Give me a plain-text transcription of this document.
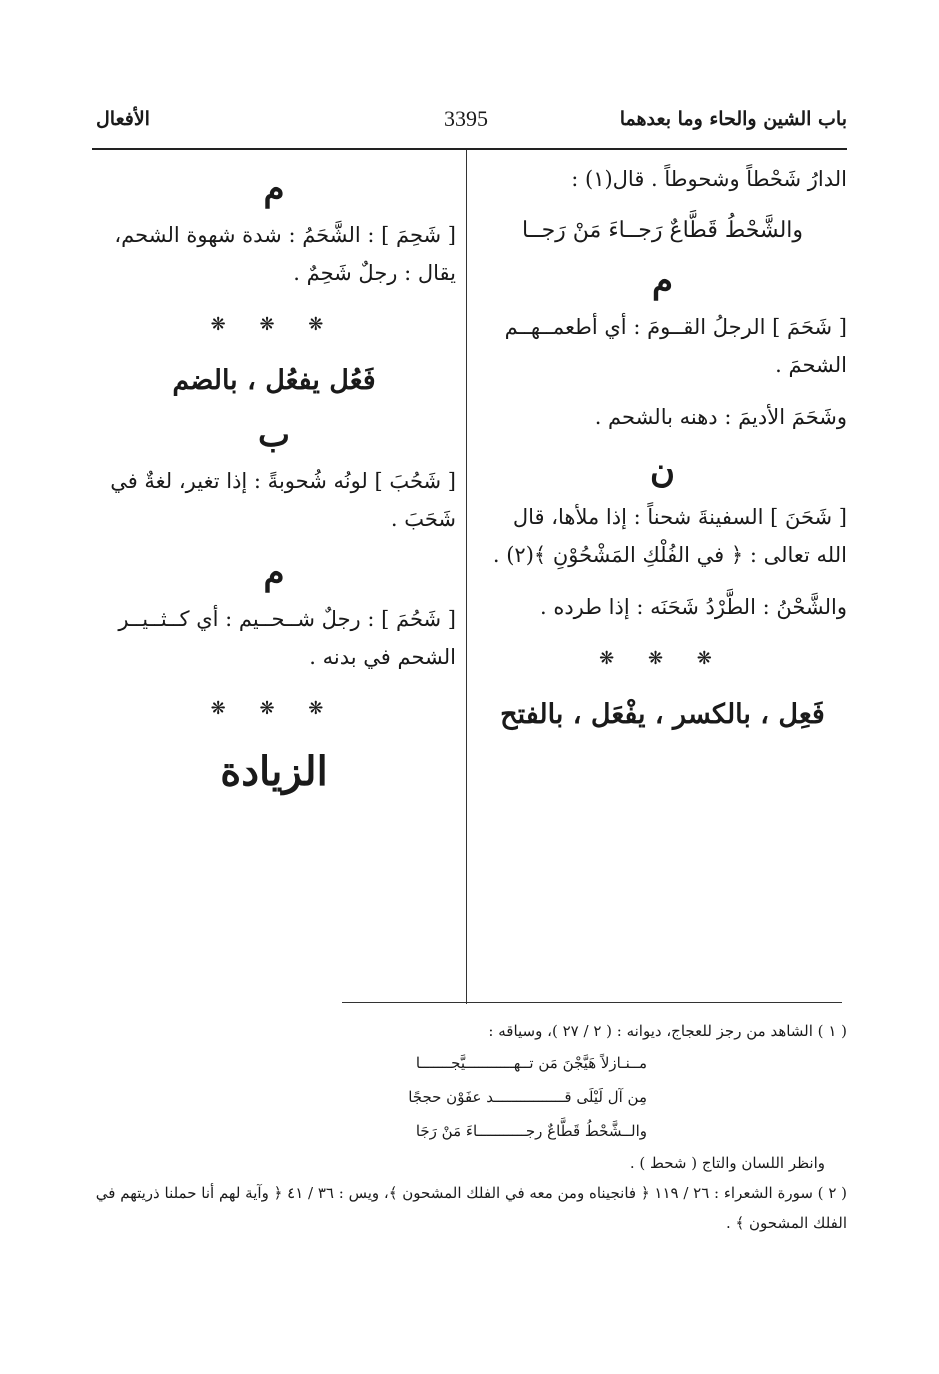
باب الشين والحاء وما بعدهما
3395
الأفعال

الدارُ شَحْطاً وشحوطاً . قال(١) :

والشَّحْطُ قَطَّاعٌ رَجــاءَ مَنْ رَجــا
م

[ شَحَمَ ] الرجلُ القــومَ : أي أطعمــهــم الشحمَ .

وشَحَمَ الأديمَ : دهنه بالشحم .

ن

[ شَحَنَ ] السفينةَ شحناً : إذا ملأها، قال الله تعالى : ﴿ في الفُلْكِ المَشْحُوْنِ ﴾(٢) .

والشَّحْنُ : الطَّرْدُ شَحَنَه : إذا طرده .

❋ ❋ ❋
فَعِل ، بالكسر ، يفْعَل ، بالفتح
م

[ شَحِمَ ] : الشَّحَمُ : شدة شهوة الشحم، يقال : رجلٌ شَحِمٌ .

❋ ❋ ❋
فَعُل يفعُل ، بالضم
ب

[ شَحُبَ ] لونُه شُحوبةً : إذا تغير، لغةٌ في شَحَبَ .

م

[ شَحُمَ ] : رجلٌ شــحــيم : أي كــثــيــر الشحم في بدنه .

❋ ❋ ❋
الزيادة
( ١ ) الشاهد من رجز للعجاج، ديوانه : ( ٢ / ٢٧ )، وسياقه :
مــنـازلاً هَيَّجْنَ مَن تــهـــــــــــيَّجـــــــا
مِن آل لَيْلَى قــــــــــــــــد عفَوْن حججًا
والــشَّحْطُ قَطَّاعٌ رجـــــــــــاءَ مَنْ رَجَا
وانظر اللسان والتاج ( شحط ) .
( ٢ ) سورة الشعراء : ٢٦ / ١١٩ ﴿ فانجيناه ومن معه في الفلك المشحون ﴾، ويس : ٣٦ / ٤١ ﴿ وآية لهم أنا حملنا ذريتهم في الفلك المشحون ﴾ .
